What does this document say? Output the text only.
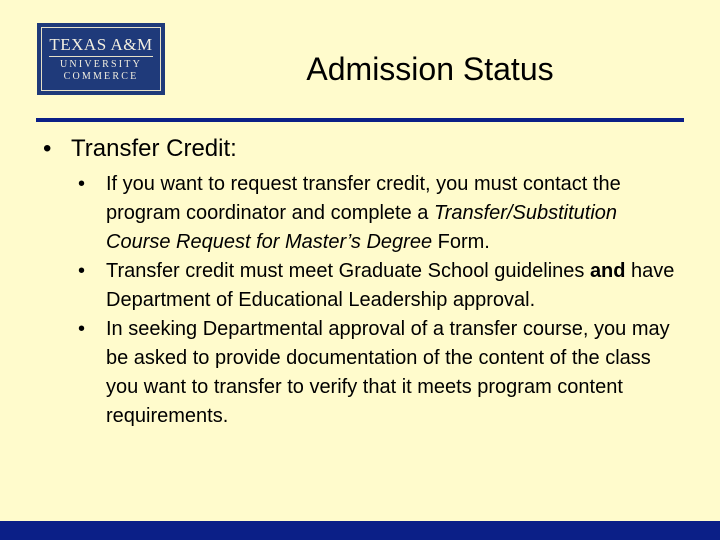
TEXAS A&M
UNIVERSITY
COMMERCE	Admission Status
• Transfer Credit:
• If you want to request transfer credit, you must contact the program coordinator and complete a Transfer/Substitution Course Request for Master’s Degree Form.
• Transfer credit must meet Graduate School guidelines and have Department of Educational Leadership approval.
• In seeking Departmental approval of a transfer course, you may be asked to provide documentation of the content of the class you want to transfer to verify that it meets program content requirements.
